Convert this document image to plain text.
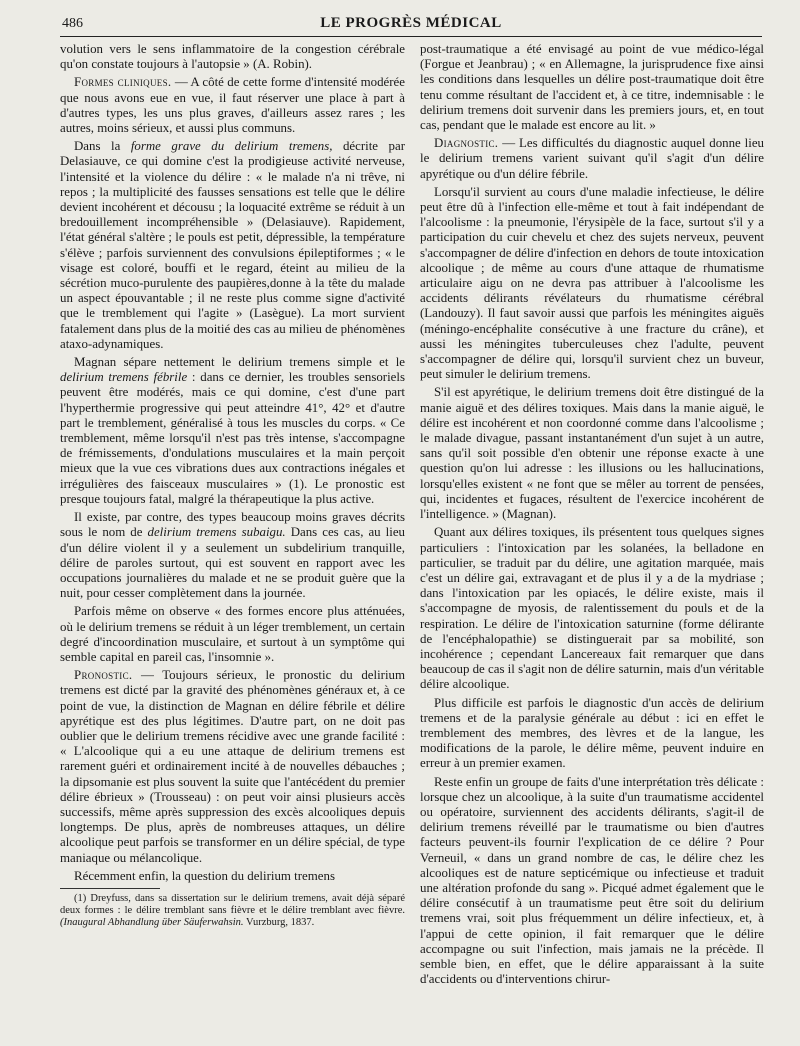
486	LE PROGRÈS MÉDICAL

volution vers le sens inflammatoire de la congestion cérébrale qu'on constate toujours à l'autopsie » (A. Robin).

Formes cliniques. — A côté de cette forme d'intensité modérée que nous avons eue en vue, il faut réserver une place à part à d'autres types, les uns plus graves, d'ailleurs assez rares ; les autres, moins sérieux, et aussi plus communs.

Dans la forme grave du delirium tremens, décrite par Delasiauve, ce qui domine c'est la prodigieuse activité nerveuse, l'intensité et la violence du délire : « le malade n'a ni trêve, ni repos ; la multiplicité des fausses sensations est telle que le délire devient incohérent et décousu ; la loquacité extrême se réduit à un bredouillement incompréhensible » (Delasiauve). Rapidement, l'état général s'altère ; le pouls est petit, dépressible, la température s'élève ; parfois surviennent des convulsions épileptiformes ; « le visage est coloré, bouffi et le regard, éteint au milieu de la sécrétion muco-purulente des paupières,donne à la tête du malade un aspect épouvantable ; il ne reste plus comme signe d'activité que le tremblement qui l'agite » (Lasègue). La mort survient fatalement dans plus de la moitié des cas au milieu de phénomènes ataxo-adynamiques.

Magnan sépare nettement le delirium tremens simple et le delirium tremens fébrile : dans ce dernier, les troubles sensoriels peuvent être modérés, mais ce qui domine, c'est d'une part l'hyperthermie progressive qui peut atteindre 41°, 42° et d'autre part le tremblement, généralisé à tous les muscles du corps. « Ce tremblement, même lorsqu'il n'est pas très intense, s'accompagne de frémissements, d'ondulations musculaires et la main perçoit mieux que la vue ces vibrations dues aux contractions inégales et irrégulières des faisceaux musculaires » (1). Le pronostic est presque toujours fatal, malgré la thérapeutique la plus active.

Il existe, par contre, des types beaucoup moins graves décrits sous le nom de delirium tremens subaigu. Dans ces cas, au lieu d'un délire violent il y a seulement un subdelirium tranquille, délire de paroles surtout, qui est souvent en rapport avec les occupations journalières du malade et ne se produit guère que la nuit, pour cesser complètement dans la journée.

Parfois même on observe « des formes encore plus atténuées, où le delirium tremens se réduit à un léger tremblement, un certain degré d'incoordination musculaire, et surtout à un symptôme qui semble capital en pareil cas, l'insomnie ».

Pronostic. — Toujours sérieux, le pronostic du delirium tremens est dicté par la gravité des phénomènes généraux et, à ce point de vue, la distinction de Magnan en délire fébrile et délire apyrétique est des plus légitimes. D'autre part, on ne doit pas oublier que le delirium tremens récidive avec une grande facilité : « L'alcoolique qui a eu une attaque de delirium tremens est rarement guéri et ordinairement incité à de nouvelles débauches ; la dipsomanie est plus souvent la suite que l'antécédent du premier délire ébrieux » (Trousseau) : on peut voir ainsi plusieurs accès successifs, même après suppression des excès alcooliques depuis longtemps. De plus, après de nombreuses attaques, un délire alcoolique peut parfois se transformer en un délire spécial, de type maniaque ou mélancolique.

Récemment enfin, la question du delirium tremens

(1) Dreyfuss, dans sa dissertation sur le delirium tremens, avait déjà séparé deux formes : le délire tremblant sans fièvre et le délire tremblant avec fièvre. (Inaugural Abhandlung über Säuferwahsin. Vurzburg, 1837.

post-traumatique a été envisagé au point de vue médico-légal (Forgue et Jeanbrau) ; « en Allemagne, la jurisprudence fixe ainsi les conditions dans lesquelles un délire post-traumatique doit être tenu comme résultant de l'accident et, à ce titre, indemnisable : le delirium tremens doit survenir dans les premiers jours, et, en tout cas, pendant que le malade est encore au lit. »

Diagnostic. — Les difficultés du diagnostic auquel donne lieu le delirium tremens varient suivant qu'il s'agit d'un délire apyrétique ou d'un délire fébrile.

Lorsqu'il survient au cours d'une maladie infectieuse, le délire peut être dû à l'infection elle-même et tout à fait indépendant de l'alcoolisme : la pneumonie, l'érysipèle de la face, surtout s'il y a participation du cuir chevelu et chez des sujets nerveux, peuvent s'accompagner de délire d'infection en dehors de toute intoxication alcoolique ; de même au cours d'une attaque de rhumatisme articulaire aigu on ne devra pas attribuer à l'alcoolisme les accidents délirants révélateurs du rhumatisme cérébral (Landouzy). Il faut savoir aussi que parfois les méningites aiguës (méningo-encéphalite consécutive à une fracture du crâne), et aussi les méningites tuberculeuses chez l'adulte, peuvent s'accompagner de délire qui, lorsqu'il survient chez un buveur, peut simuler le delirium tremens.

S'il est apyrétique, le delirium tremens doit être distingué de la manie aiguë et des délires toxiques. Mais dans la manie aiguë, le délire est incohérent et non coordonné comme dans l'alcoolisme ; le malade divague, passant instantanément d'un sujet à un autre, sans qu'il soit possible d'en obtenir une réponse exacte à une question qu'on lui adresse : les illusions ou les hallucinations, lorsqu'elles existent « ne font que se mêler au torrent de pensées, qui, incidentes et fugaces, résultent de l'exercice incohérent de l'intelligence. » (Magnan).

Quant aux délires toxiques, ils présentent tous quelques signes particuliers : l'intoxication par les solanées, la belladone en particulier, se traduit par du délire, une agitation marquée, mais c'est un délire gai, extravagant et de plus il y a de la mydriase ; dans l'intoxication par les opiacés, le délire existe, mais il s'accompagne de myosis, de ralentissement du pouls et de la respiration. Le délire de l'intoxication saturnine (forme délirante de l'encéphalopathie) se distinguerait par sa mobilité, son incohérence ; cependant Lancereaux fait remarquer que dans beaucoup de cas il s'agit non de délire saturnin, mais d'un véritable délire alcoolique.

Plus difficile est parfois le diagnostic d'un accès de delirium tremens et de la paralysie générale au début : ici en effet le tremblement des membres, des lèvres et de la langue, les modifications de la parole, le délire même, peuvent induire en erreur à un premier examen.

Reste enfin un groupe de faits d'une interprétation très délicate : lorsque chez un alcoolique, à la suite d'un traumatisme accidentel ou opératoire, surviennent des accidents délirants, s'agit-il de delirium tremens réveillé par le traumatisme ou bien d'autres facteurs peuvent-ils fournir l'explication de ce délire ? Pour Verneuil, « dans un grand nombre de cas, le délire chez les alcooliques est de nature septicémique ou infectieuse et traduit une altération profonde du sang ». Picqué admet également que le délire consécutif à un traumatisme peut être soit du delirium tremens vrai, soit plus fréquemment un délire infectieux, et, à l'appui de cette opinion, il fait remarquer que le délire accompagne ou suit l'infection, mais jamais ne la précède. Il semble bien, en effet, que le délire apparaissant à la suite d'accidents ou d'interventions chirur-
